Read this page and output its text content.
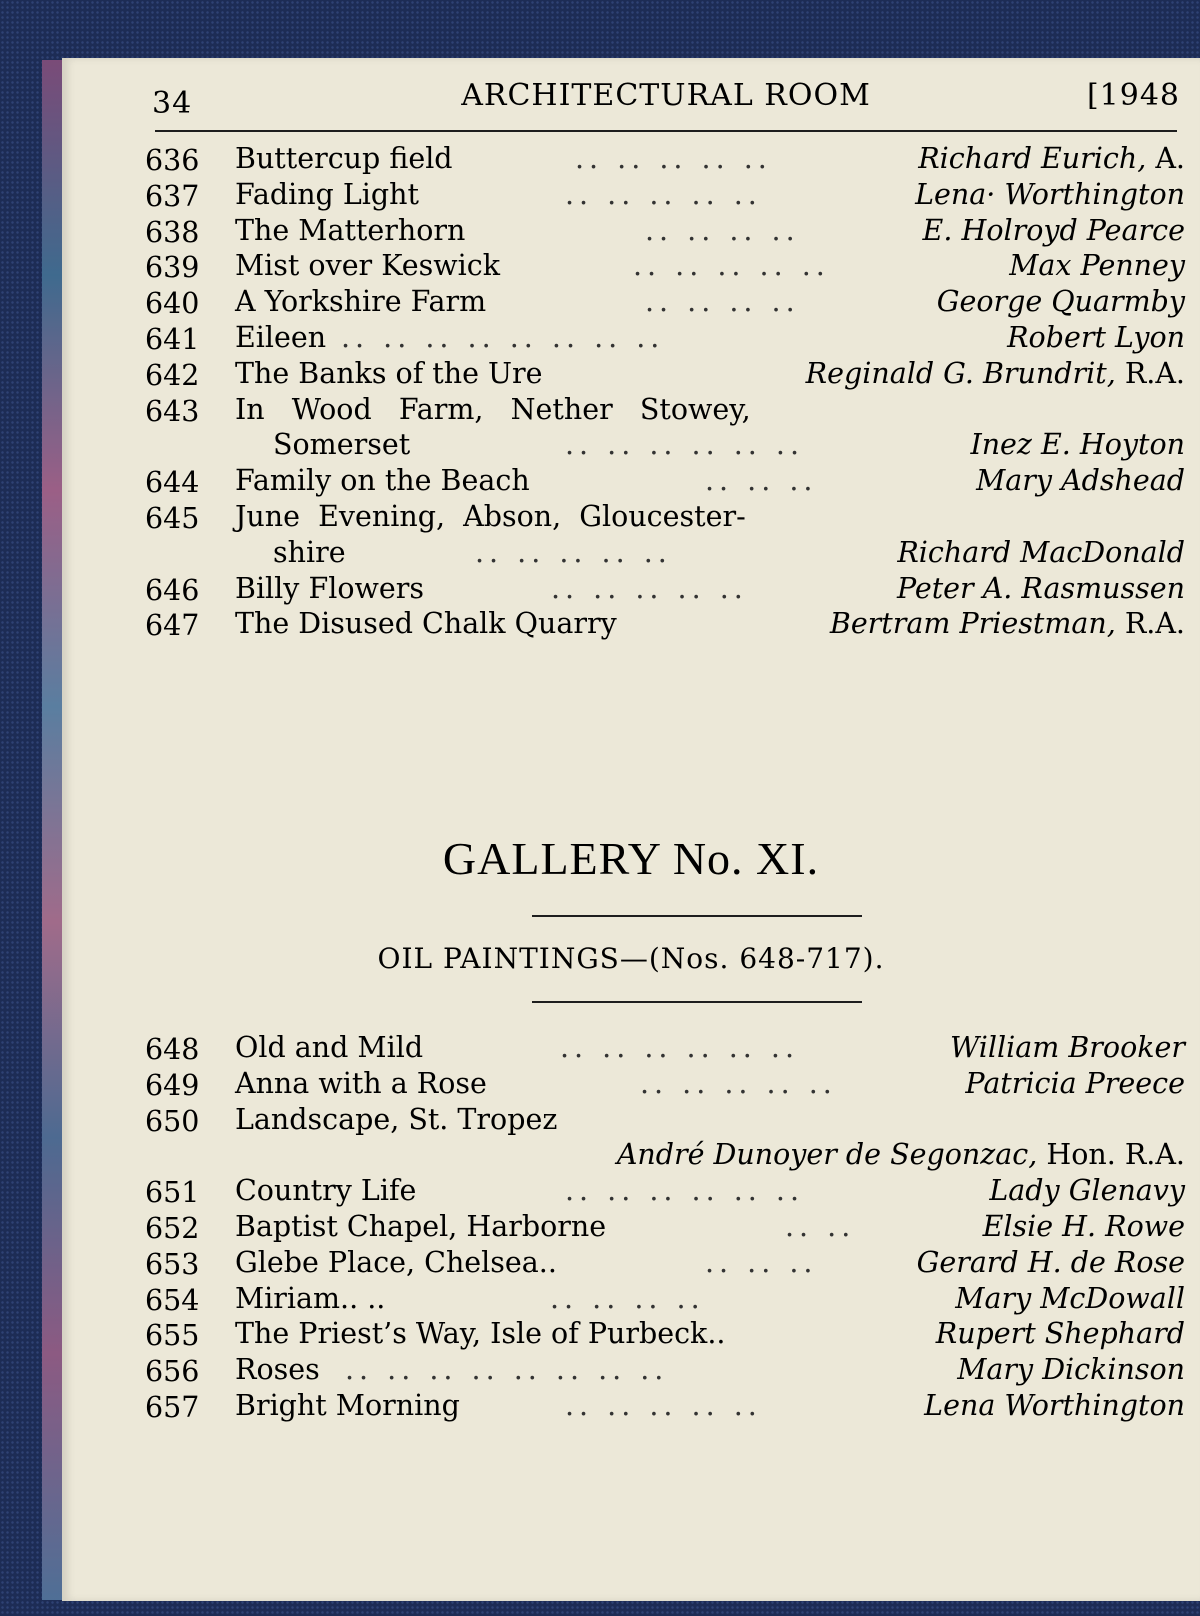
34	ARCHITECTURAL ROOM	[1948
636	Buttercup field	.. .. .. .. ..	Richard Eurich, A.
637	Fading Light	.. .. .. .. ..	Lena· Worthington
638	The Matterhorn	.. .. .. ..	E. Holroyd Pearce
639	Mist over Keswick	.. .. .. .. ..	Max Penney
640	A Yorkshire Farm	.. .. .. ..	George Quarmby
641	Eileen .. .. .. .. .. .. .. ..	Robert Lyon
642	The Banks of the Ure	Reginald G. Brundrit, R.A.
643	In   Wood   Farm,   Nether   Stowey,
Somerset	.. .. .. .. .. ..	Inez E. Hoyton
644	Family on the Beach	.. .. ..	Mary Adshead
645	June  Evening,  Abson,  Gloucester-
shire	.. .. .. .. ..	Richard MacDonald
646	Billy Flowers	.. .. .. .. ..	Peter A. Rasmussen
647	The Disused Chalk Quarry	Bertram Priestman, R.A.
GALLERY No. XI.
OIL PAINTINGS—(Nos. 648-717).
648	Old and Mild	.. .. .. .. .. ..	William Brooker
649	Anna with a Rose	.. .. .. .. ..	Patricia Preece
650	Landscape, St. Tropez
André Dunoyer de Segonzac, Hon. R.A.
651	Country Life	.. .. .. .. .. ..	Lady Glenavy
652	Baptist Chapel, Harborne	.. ..	Elsie H. Rowe
653	Glebe Place, Chelsea..	.. .. ..	Gerard H. de Rose
654	Miriam.. ..	.. .. .. ..	Mary McDowall
655	The Priest’s Way, Isle of Purbeck..	Rupert Shephard
656	Roses .. .. .. .. .. .. .. ..	Mary Dickinson
657	Bright Morning	.. .. .. .. ..	Lena Worthington
